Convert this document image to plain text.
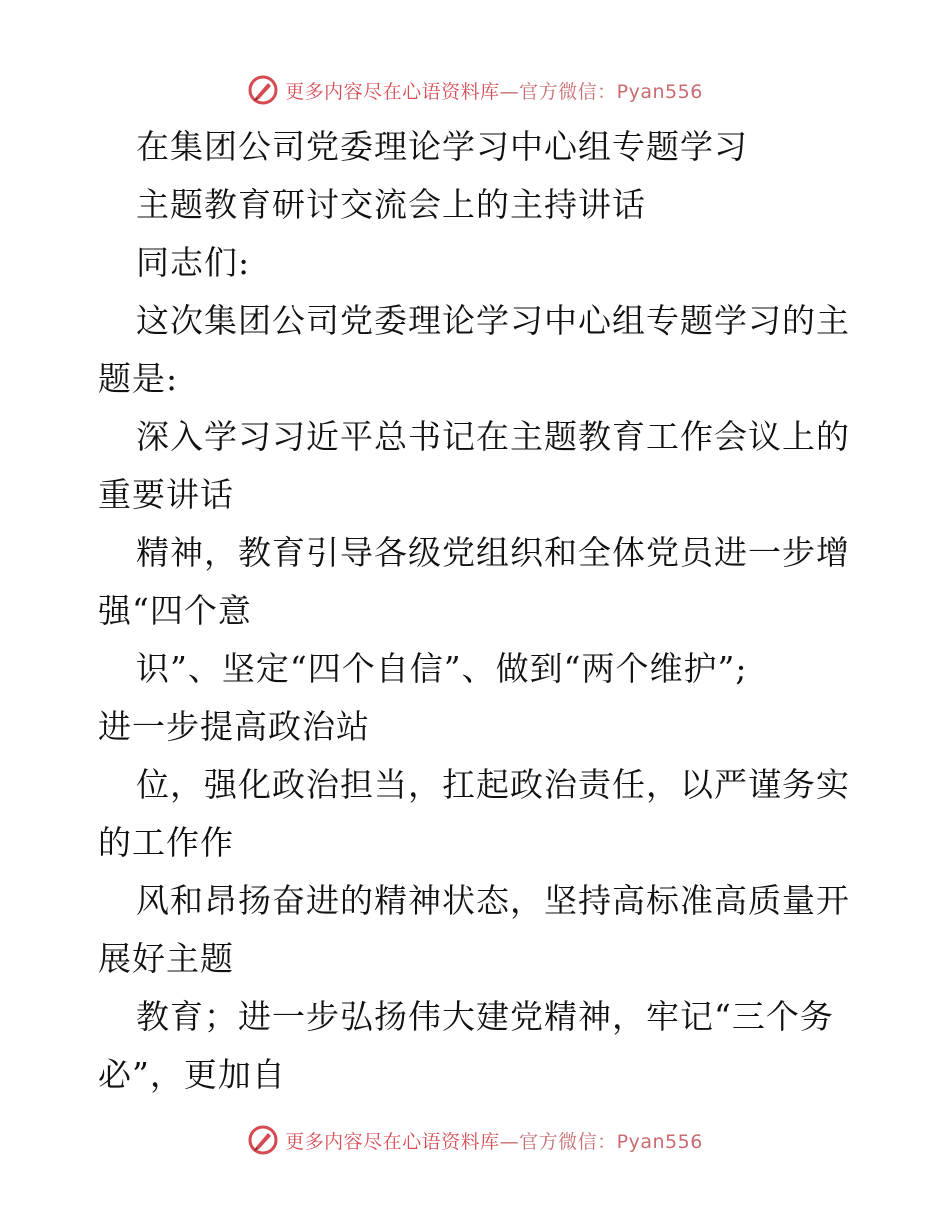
更多内容尽在心语资料库 —官方微信：Pyan556
在集团公司党委理论学习中心组专题学习
主题教育研讨交流会上的主持讲话
同志们:
这次集团公司党委理论学习中心组专题学习的主
题是:
深入学习习近平总书记在主题教育工作会议上的
重要讲话
精神，教育引导各级党组织和全体党员进一步增
强“四个意
识”、坚定“四个自信”、做到“两个维护”;
进一步提高政治站
位，强化政治担当，扛起政治责任，以严谨务实
的工作作
风和昂扬奋进的精神状态，坚持高标准高质量开
展好主题
教育；进一步弘扬伟大建党精神，牢记“三个务
必”，更加自
更多内容尽在心语资料库 —官方微信：Pyan556
